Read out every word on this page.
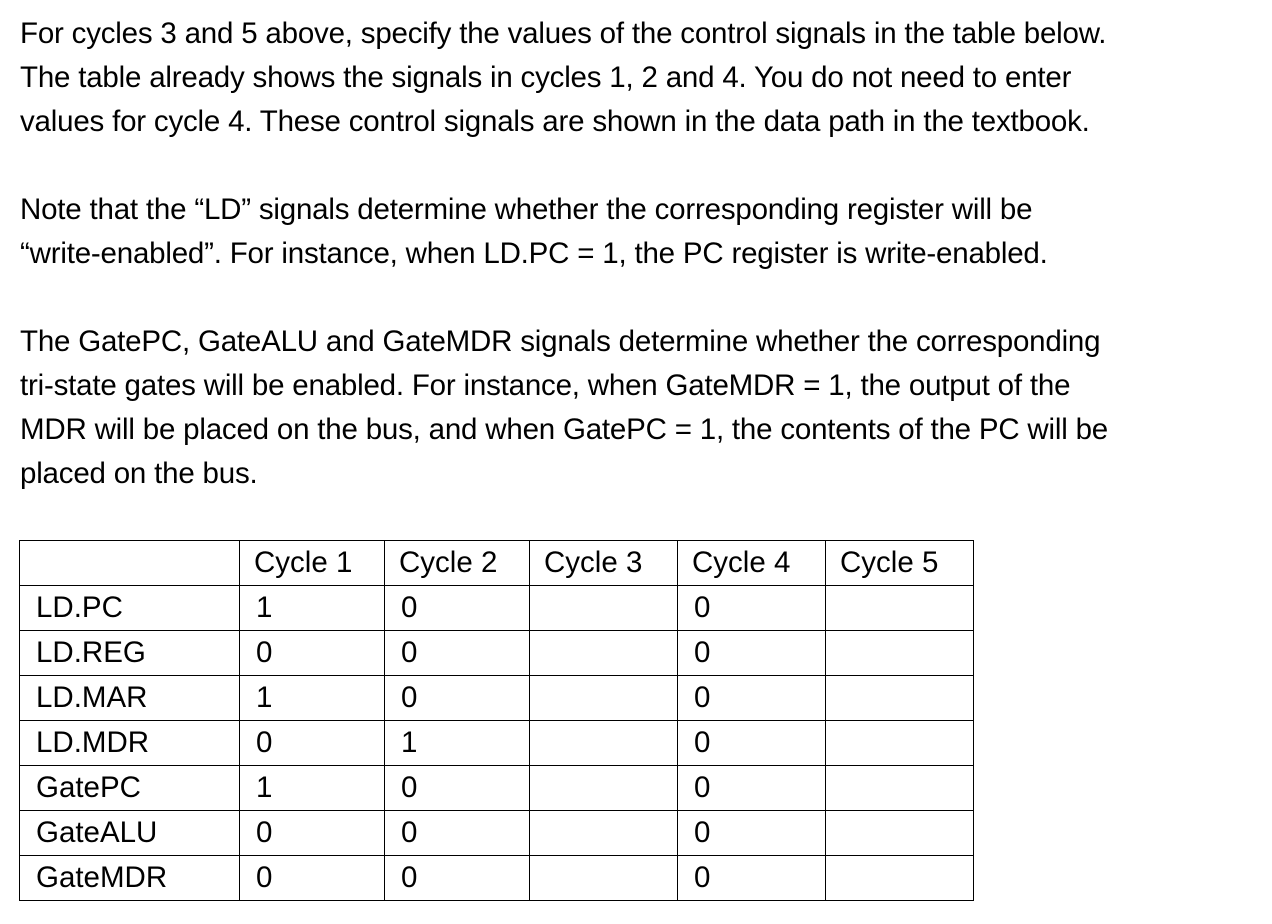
For cycles 3 and 5 above, specify the values of the control signals in the table below.
The table already shows the signals in cycles 1, 2 and 4. You do not need to enter
values for cycle 4. These control signals are shown in the data path in the textbook.

Note that the “LD” signals determine whether the corresponding register will be
“write-enabled”. For instance, when LD.PC = 1, the PC register is write-enabled.

The GatePC, GateALU and GateMDR signals determine whether the corresponding
tri-state gates will be enabled. For instance, when GateMDR = 1, the output of the
MDR will be placed on the bus, and when GatePC = 1, the contents of the PC will be
placed on the bus.

	Cycle 1	Cycle 2	Cycle 3	Cycle 4	Cycle 5
LD.PC	1	0		0	
LD.REG	0	0		0	
LD.MAR	1	0		0	
LD.MDR	0	1		0	
GatePC	1	0		0	
GateALU	0	0		0	
GateMDR	0	0		0	
